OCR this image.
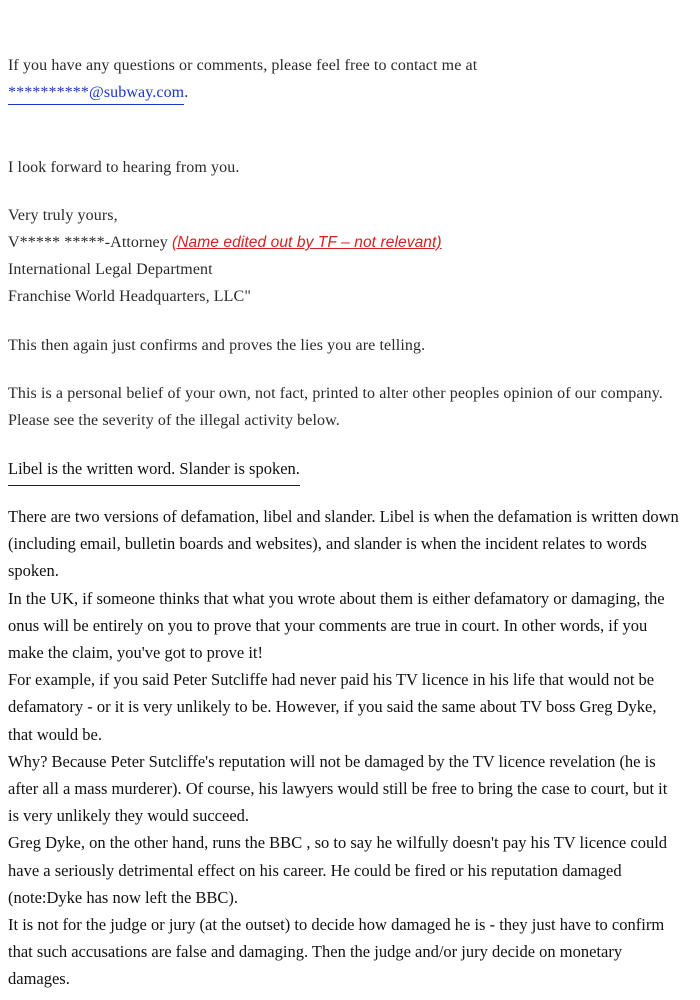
If you have any questions or comments, please feel free to contact me at

**********@subway.com.

I look forward to hearing from you.

Very truly yours,

V***** *****-Attorney (Name edited out by TF – not relevant)

International Legal Department

Franchise World Headquarters, LLC"

This then again just confirms and proves the lies you are telling.

This is a personal belief of your own, not fact, printed to alter other peoples opinion of our company. Please see the severity of the illegal activity below.

Libel is the written word. Slander is spoken.

There are two versions of defamation, libel and slander. Libel is when the defamation is written down (including email, bulletin boards and websites), and slander is when the incident relates to words spoken.

In the UK, if someone thinks that what you wrote about them is either defamatory or damaging, the onus will be entirely on you to prove that your comments are true in court. In other words, if you make the claim, you've got to prove it!

For example, if you said Peter Sutcliffe had never paid his TV licence in his life that would not be defamatory - or it is very unlikely to be. However, if you said the same about TV boss Greg Dyke, that would be.

Why? Because Peter Sutcliffe's reputation will not be damaged by the TV licence revelation (he is after all a mass murderer). Of course, his lawyers would still be free to bring the case to court, but it is very unlikely they would succeed.

Greg Dyke, on the other hand, runs the BBC , so to say he wilfully doesn't pay his TV licence could have a seriously detrimental effect on his career. He could be fired or his reputation damaged (note:Dyke has now left the BBC).

It is not for the judge or jury (at the outset) to decide how damaged he is - they just have to confirm that such accusations are false and damaging. Then the judge and/or jury decide on monetary damages.
